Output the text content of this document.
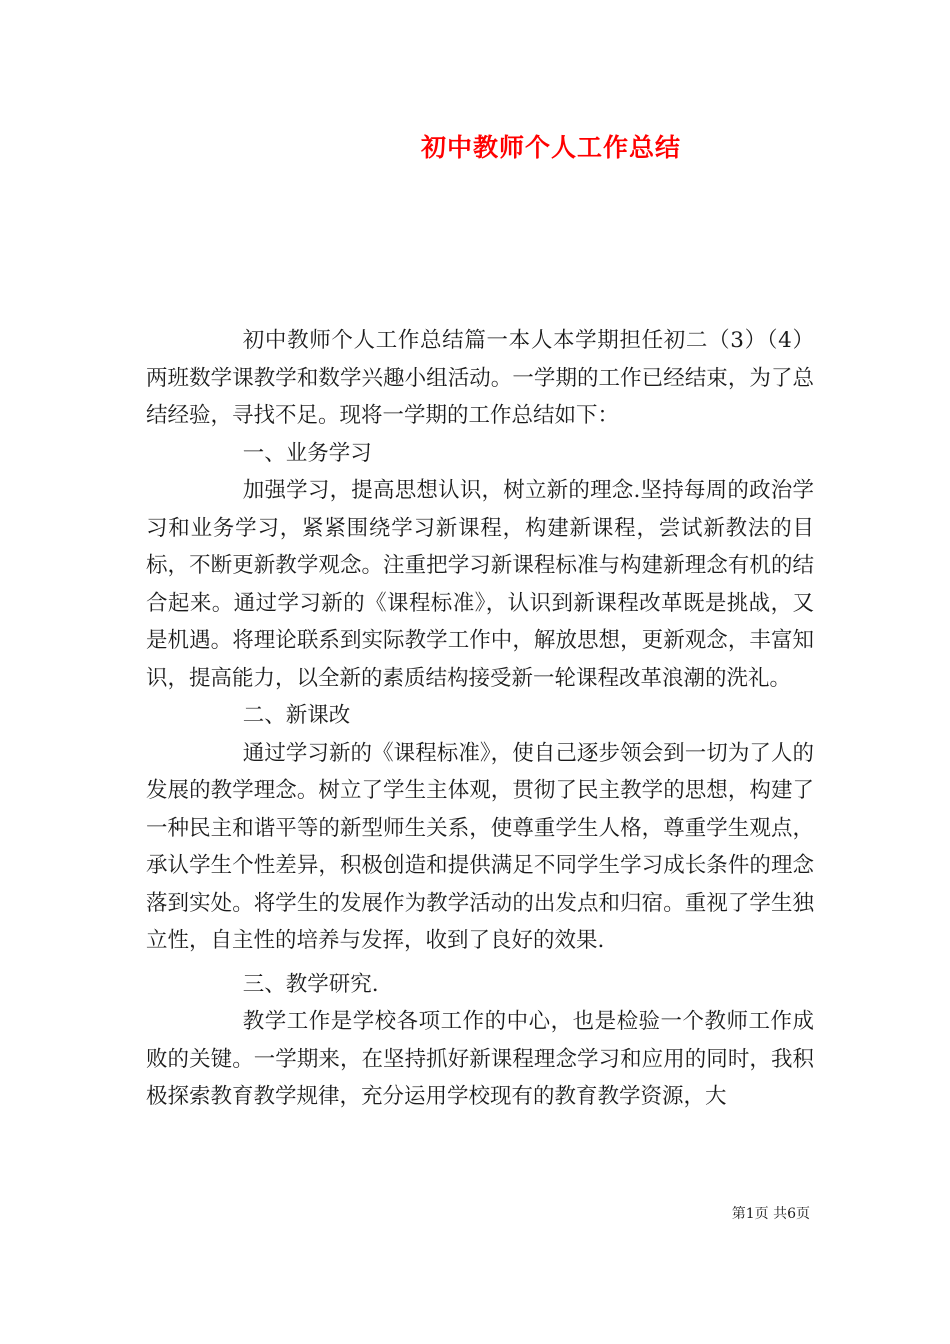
初中教师个人工作总结

初中教师个人工作总结篇一本人本学期担任初二（3）（4）两班数学课教学和数学兴趣小组活动。一学期的工作已经结束，为了总结经验，寻找不足。现将一学期的工作总结如下：

一、业务学习

加强学习，提高思想认识，树立新的理念.坚持每周的政治学习和业务学习，紧紧围绕学习新课程，构建新课程，尝试新教法的目标，不断更新教学观念。注重把学习新课程标准与构建新理念有机的结合起来。通过学习新的《课程标准》，认识到新课程改革既是挑战，又是机遇。将理论联系到实际教学工作中，解放思想，更新观念，丰富知识，提高能力，以全新的素质结构接受新一轮课程改革浪潮的洗礼。

二、新课改

通过学习新的《课程标准》，使自己逐步领会到一切为了人的发展的教学理念。树立了学生主体观，贯彻了民主教学的思想，构建了一种民主和谐平等的新型师生关系，使尊重学生人格，尊重学生观点，承认学生个性差异，积极创造和提供满足不同学生学习成长条件的理念落到实处。将学生的发展作为教学活动的出发点和归宿。重视了学生独立性，自主性的培养与发挥，收到了良好的效果.

三、教学研究.

教学工作是学校各项工作的中心，也是检验一个教师工作成败的关键。一学期来，在坚持抓好新课程理念学习和应用的同时，我积极探索教育教学规律，充分运用学校现有的教育教学资源，大

第1页 共6页
